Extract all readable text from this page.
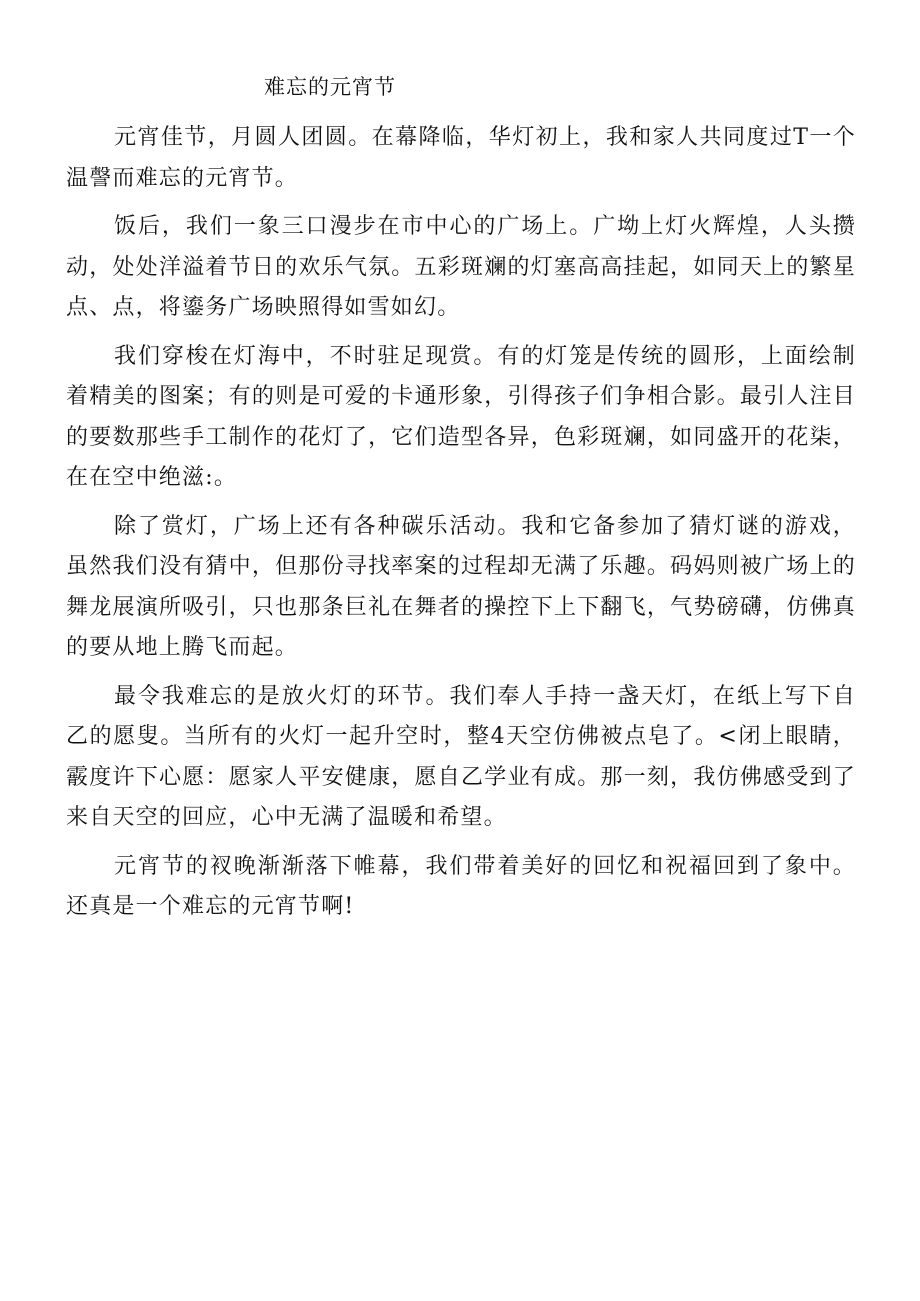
难忘的元宵节

元宵佳节，月圆人团圆。在幕降临，华灯初上，我和家人共同度过T一个温謦而难忘的元宵节。

饭后，我们一象三口漫步在市中心的广场上。广坳上灯火辉煌，人头攒动，处处洋溢着节日的欢乐气氛。五彩斑斓的灯塞高高挂起，如同天上的繁星点、点，将鎏务广场映照得如雪如幻。

我们穿梭在灯海中，不时驻足现赏。有的灯笼是传统的圆形，上面绘制着精美的图案；有的则是可爱的卡通形象，引得孩子们争相合影。最引人注目的要数那些手工制作的花灯了，它们造型各异，色彩斑斓，如同盛开的花柒，在在空中绝滋:。

除了赏灯，广场上还有各种碳乐活动。我和它备参加了猜灯谜的游戏，虽然我们没有猜中，但那份寻找率案的过程却无满了乐趣。码妈则被广场上的舞龙展演所吸引，只也那条巨礼在舞者的操控下上下翻飞，气势磅礴，仿佛真的要从地上腾飞而起。

最令我难忘的是放火灯的环节。我们奉人手持一盏天灯，在纸上写下自乙的愿叟。当所有的火灯一起升空时，整4天空仿佛被点皂了。<闭上眼睛，霰度许下心愿：愿家人平安健康，愿自乙学业有成。那一刻，我仿佛感受到了来自天空的回应，心中无满了温暖和希望。

元宵节的衩晚渐渐落下帷幕，我们带着美好的回忆和祝福回到了象中。还真是一个难忘的元宵节啊!
